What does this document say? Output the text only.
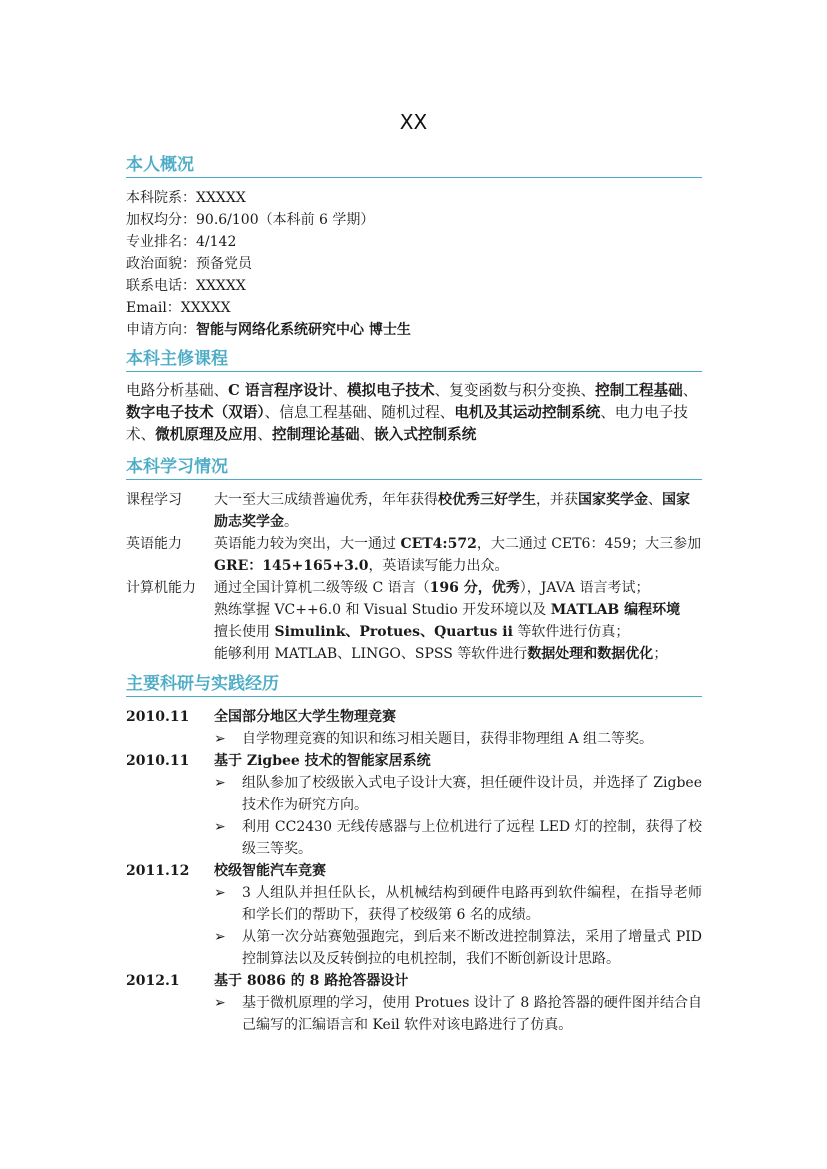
XX
本人概况
本科院系：XXXXX
加权均分：90.6/100（本科前 6 学期）
专业排名：4/142
政治面貌：预备党员
联系电话：XXXXX
Email：XXXXX
申请方向：智能与网络化系统研究中心 博士生
本科主修课程
电路分析基础、C 语言程序设计、模拟电子技术、复变函数与积分变换、控制工程基础、数字电子技术（双语）、信息工程基础、随机过程、电机及其运动控制系统、电力电子技术、微机原理及应用、控制理论基础、嵌入式控制系统
本科学习情况
课程学习	大一至大三成绩普遍优秀，年年获得校优秀三好学生，并获国家奖学金、国家励志奖学金。
英语能力	英语能力较为突出，大一通过 CET4:572，大二通过 CET6：459；大三参加 GRE：145+165+3.0，英语读写能力出众。
计算机能力	通过全国计算机二级等级 C 语言（196 分，优秀），JAVA 语言考试；
熟练掌握 VC++6.0 和 Visual Studio 开发环境以及 MATLAB 编程环境
擅长使用 Simulink、Protues、Quartus ii 等软件进行仿真；
能够利用 MATLAB、LINGO、SPSS 等软件进行数据处理和数据优化；
主要科研与实践经历
2010.11	全国部分地区大学生物理竞赛
➢	自学物理竞赛的知识和练习相关题目，获得非物理组 A 组二等奖。
2010.11	基于 Zigbee 技术的智能家居系统
➢	组队参加了校级嵌入式电子设计大赛，担任硬件设计员，并选择了 Zigbee 技术作为研究方向。
➢	利用 CC2430 无线传感器与上位机进行了远程 LED 灯的控制，获得了校级三等奖。
2011.12	校级智能汽车竞赛
➢	3 人组队并担任队长，从机械结构到硬件电路再到软件编程，在指导老师和学长们的帮助下，获得了校级第 6 名的成绩。
➢	从第一次分站赛勉强跑完，到后来不断改进控制算法，采用了增量式 PID 控制算法以及反转倒拉的电机控制，我们不断创新设计思路。
2012.1	基于 8086 的 8 路抢答器设计
➢	基于微机原理的学习，使用 Protues 设计了 8 路抢答器的硬件图并结合自己编写的汇编语言和 Keil 软件对该电路进行了仿真。
